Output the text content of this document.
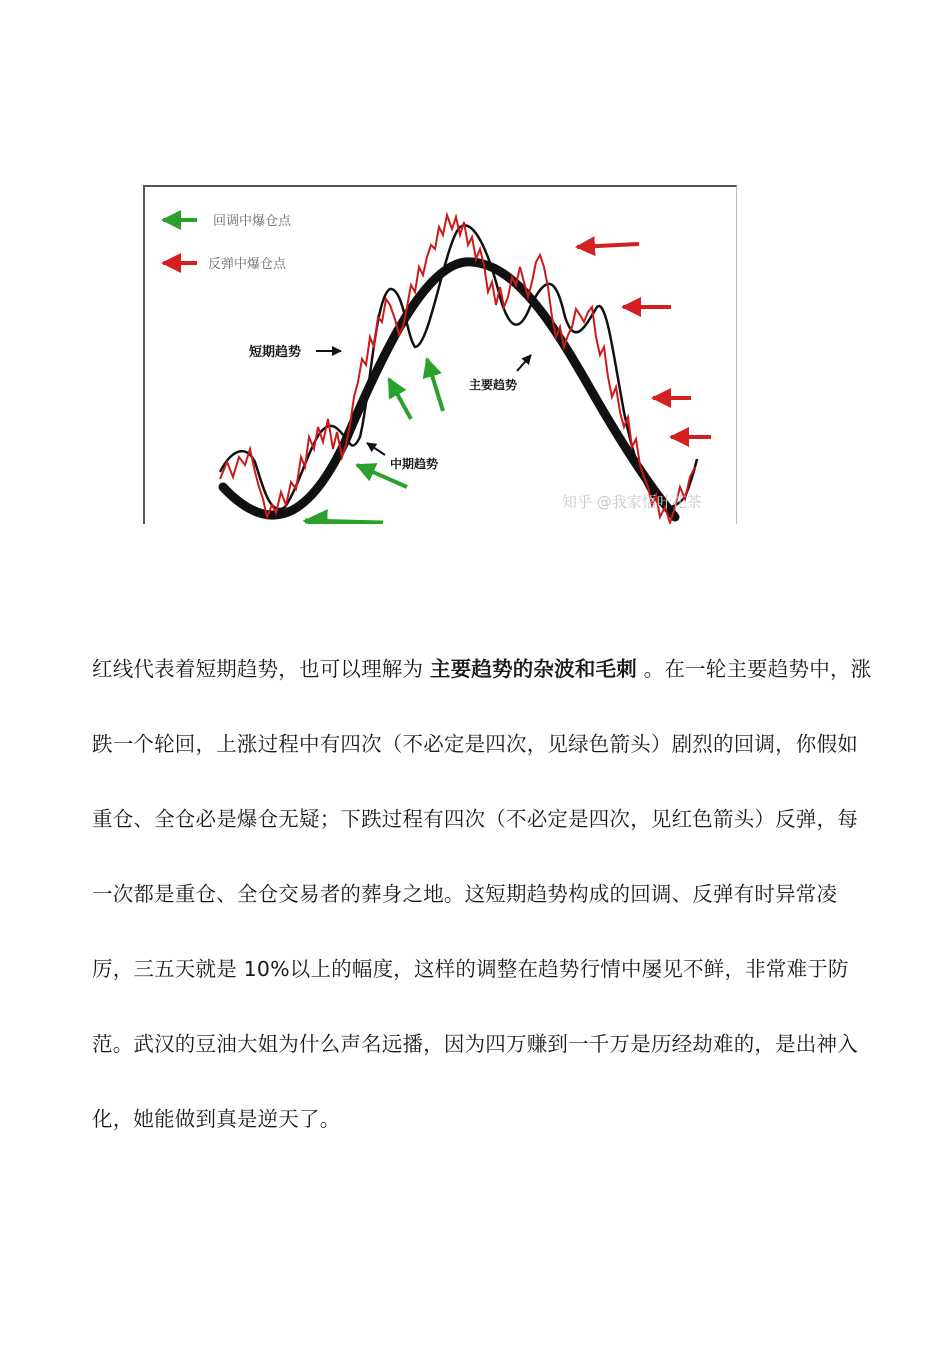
回调中爆仓点
反弹中爆仓点
短期趋势
中期趋势
主要趋势
知乎 @我家悟叶花茶

红线代表着短期趋势，也可以理解为 主要趋势的杂波和毛刺 。在一轮主要趋势中，涨跌一个轮回，上涨过程中有四次（不必定是四次，见绿色箭头）剧烈的回调，你假如重仓、全仓必是爆仓无疑；下跌过程有四次（不必定是四次，见红色箭头）反弹，每一次都是重仓、全仓交易者的葬身之地。这短期趋势构成的回调、反弹有时异常凌厉，三五天就是 10%以上的幅度，这样的调整在趋势行情中屡见不鲜，非常难于防范。武汉的豆油大姐为什么声名远播，因为四万赚到一千万是历经劫难的，是出神入化，她能做到真是逆天了。
